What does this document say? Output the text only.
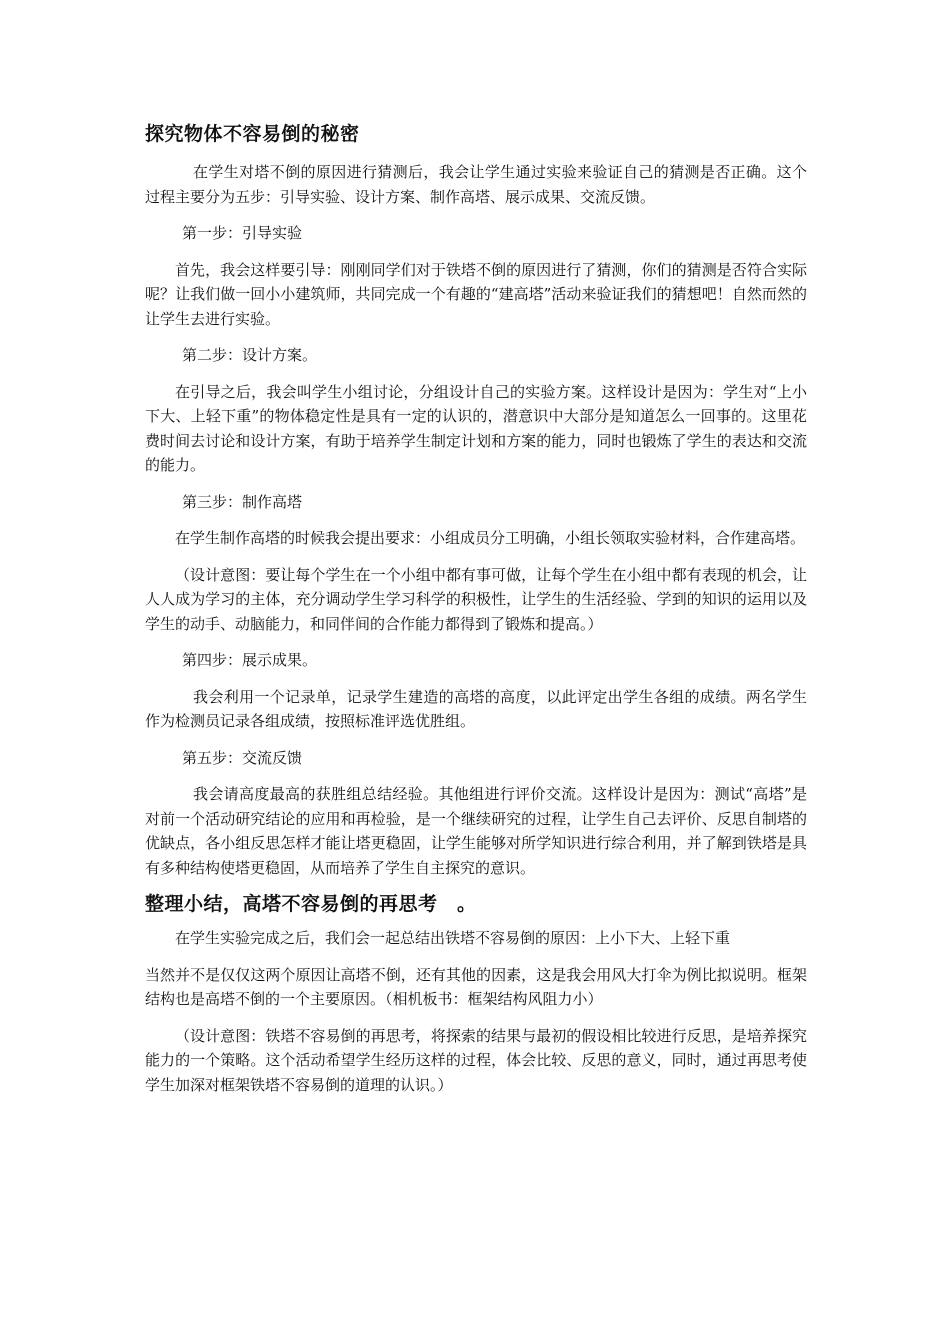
探究物体不容易倒的秘密

在学生对塔不倒的原因进行猜测后，我会让学生通过实验来验证自己的猜测是否正确。这个过程主要分为五步：引导实验、设计方案、制作高塔、展示成果、交流反馈。

第一步：引导实验

首先，我会这样要引导：刚刚同学们对于铁塔不倒的原因进行了猜测，你们的猜测是否符合实际呢？让我们做一回小小建筑师，共同完成一个有趣的“建高塔”活动来验证我们的猜想吧！自然而然的让学生去进行实验。

第二步：设计方案。

在引导之后，我会叫学生小组讨论，分组设计自己的实验方案。这样设计是因为：学生对“上小下大、上轻下重”的物体稳定性是具有一定的认识的，潜意识中大部分是知道怎么一回事的。这里花费时间去讨论和设计方案，有助于培养学生制定计划和方案的能力，同时也锻炼了学生的表达和交流的能力。

第三步：制作高塔

在学生制作高塔的时候我会提出要求：小组成员分工明确，小组长领取实验材料，合作建高塔。

（设计意图：要让每个学生在一个小组中都有事可做，让每个学生在小组中都有表现的机会，让人人成为学习的主体，充分调动学生学习科学的积极性，让学生的生活经验、学到的知识的运用以及学生的动手、动脑能力，和同伴间的合作能力都得到了锻炼和提高。）

第四步：展示成果。

我会利用一个记录单，记录学生建造的高塔的高度，以此评定出学生各组的成绩。两名学生作为检测员记录各组成绩，按照标准评选优胜组。

第五步：交流反馈

我会请高度最高的获胜组总结经验。其他组进行评价交流。这样设计是因为：测试“高塔”是对前一个活动研究结论的应用和再检验，是一个继续研究的过程，让学生自己去评价、反思自制塔的优缺点，各小组反思怎样才能让塔更稳固，让学生能够对所学知识进行综合利用，并了解到铁塔是具有多种结构使塔更稳固，从而培养了学生自主探究的意识。

整理小结，高塔不容易倒的再思考　。

在学生实验完成之后，我们会一起总结出铁塔不容易倒的原因：上小下大、上轻下重

当然并不是仅仅这两个原因让高塔不倒，还有其他的因素，这是我会用风大打伞为例比拟说明。框架结构也是高塔不倒的一个主要原因。（相机板书：框架结构风阻力小）

（设计意图：铁塔不容易倒的再思考，将探索的结果与最初的假设相比较进行反思，是培养探究能力的一个策略。这个活动希望学生经历这样的过程，体会比较、反思的意义，同时，通过再思考使学生加深对框架铁塔不容易倒的道理的认识。）
